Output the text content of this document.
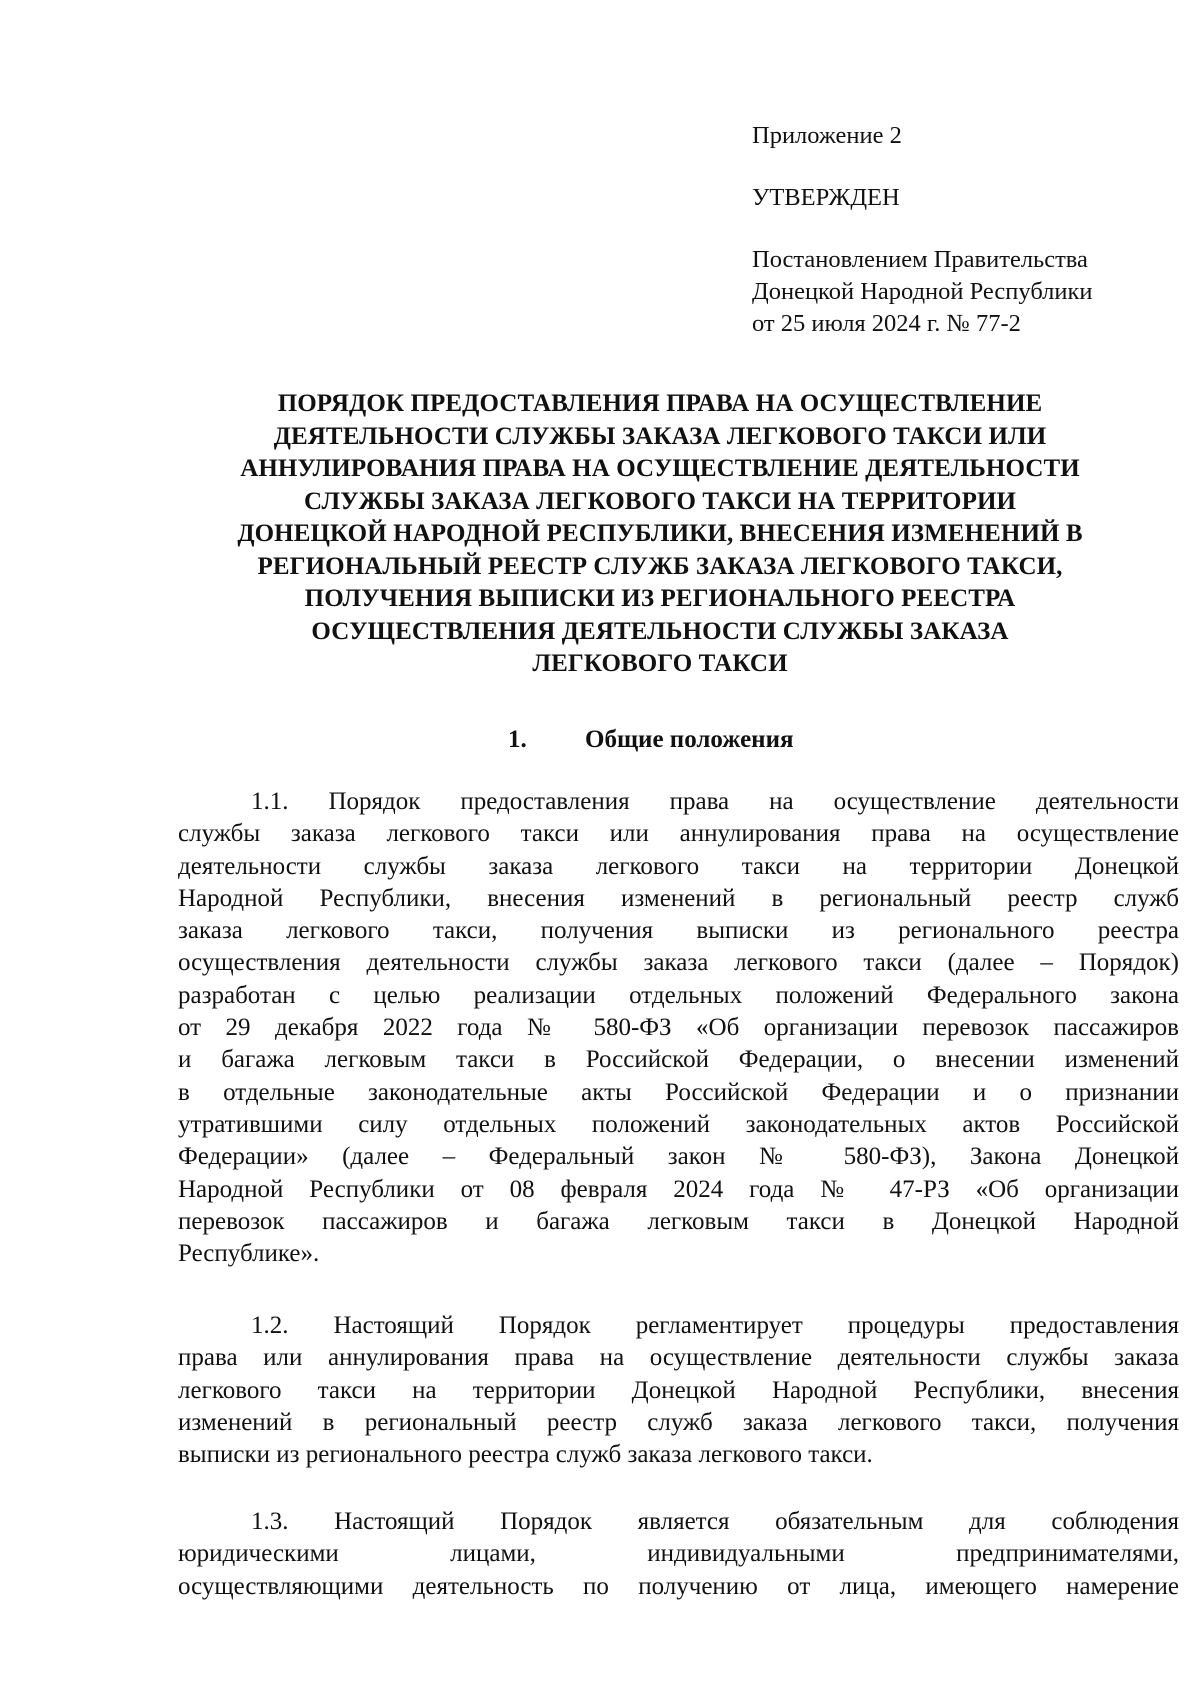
Приложение 2
УТВЕРЖДЕН
Постановлением Правительства
Донецкой Народной Республики
от 25 июля 2024 г. № 77-2
ПОРЯДОК ПРЕДОСТАВЛЕНИЯ ПРАВА НА ОСУЩЕСТВЛЕНИЕ
ДЕЯТЕЛЬНОСТИ СЛУЖБЫ ЗАКАЗА ЛЕГКОВОГО ТАКСИ ИЛИ
АННУЛИРОВАНИЯ ПРАВА НА ОСУЩЕСТВЛЕНИЕ ДЕЯТЕЛЬНОСТИ
СЛУЖБЫ ЗАКАЗА ЛЕГКОВОГО ТАКСИ НА ТЕРРИТОРИИ
ДОНЕЦКОЙ НАРОДНОЙ РЕСПУБЛИКИ, ВНЕСЕНИЯ ИЗМЕНЕНИЙ В
РЕГИОНАЛЬНЫЙ РЕЕСТР СЛУЖБ ЗАКАЗА ЛЕГКОВОГО ТАКСИ,
ПОЛУЧЕНИЯ ВЫПИСКИ ИЗ РЕГИОНАЛЬНОГО РЕЕСТРА
ОСУЩЕСТВЛЕНИЯ ДЕЯТЕЛЬНОСТИ СЛУЖБЫ ЗАКАЗА
ЛЕГКОВОГО ТАКСИ
1. Общие положения
1.1. Порядок предоставления права на осуществление деятельности
службы заказа легкового такси или аннулирования права на осуществление
деятельности службы заказа легкового такси на территории Донецкой
Народной Республики, внесения изменений в региональный реестр служб
заказа легкового такси, получения выписки из регионального реестра
осуществления деятельности службы заказа легкового такси (далее – Порядок)
разработан с целью реализации отдельных положений Федерального закона
от 29 декабря 2022 года № 580-ФЗ «Об организации перевозок пассажиров
и багажа легковым такси в Российской Федерации, о внесении изменений
в отдельные законодательные акты Российской Федерации и о признании
утратившими силу отдельных положений законодательных актов Российской
Федерации» (далее – Федеральный закон № 580-ФЗ), Закона Донецкой
Народной Республики от 08 февраля 2024 года № 47-РЗ «Об организации
перевозок пассажиров и багажа легковым такси в Донецкой Народной
Республике».
1.2. Настоящий Порядок регламентирует процедуры предоставления
права или аннулирования права на осуществление деятельности службы заказа
легкового такси на территории Донецкой Народной Республики, внесения
изменений в региональный реестр служб заказа легкового такси, получения
выписки из регионального реестра служб заказа легкового такси.
1.3. Настоящий Порядок является обязательным для соблюдения
юридическими лицами, индивидуальными предпринимателями,
осуществляющими деятельность по получению от лица, имеющего намерение
